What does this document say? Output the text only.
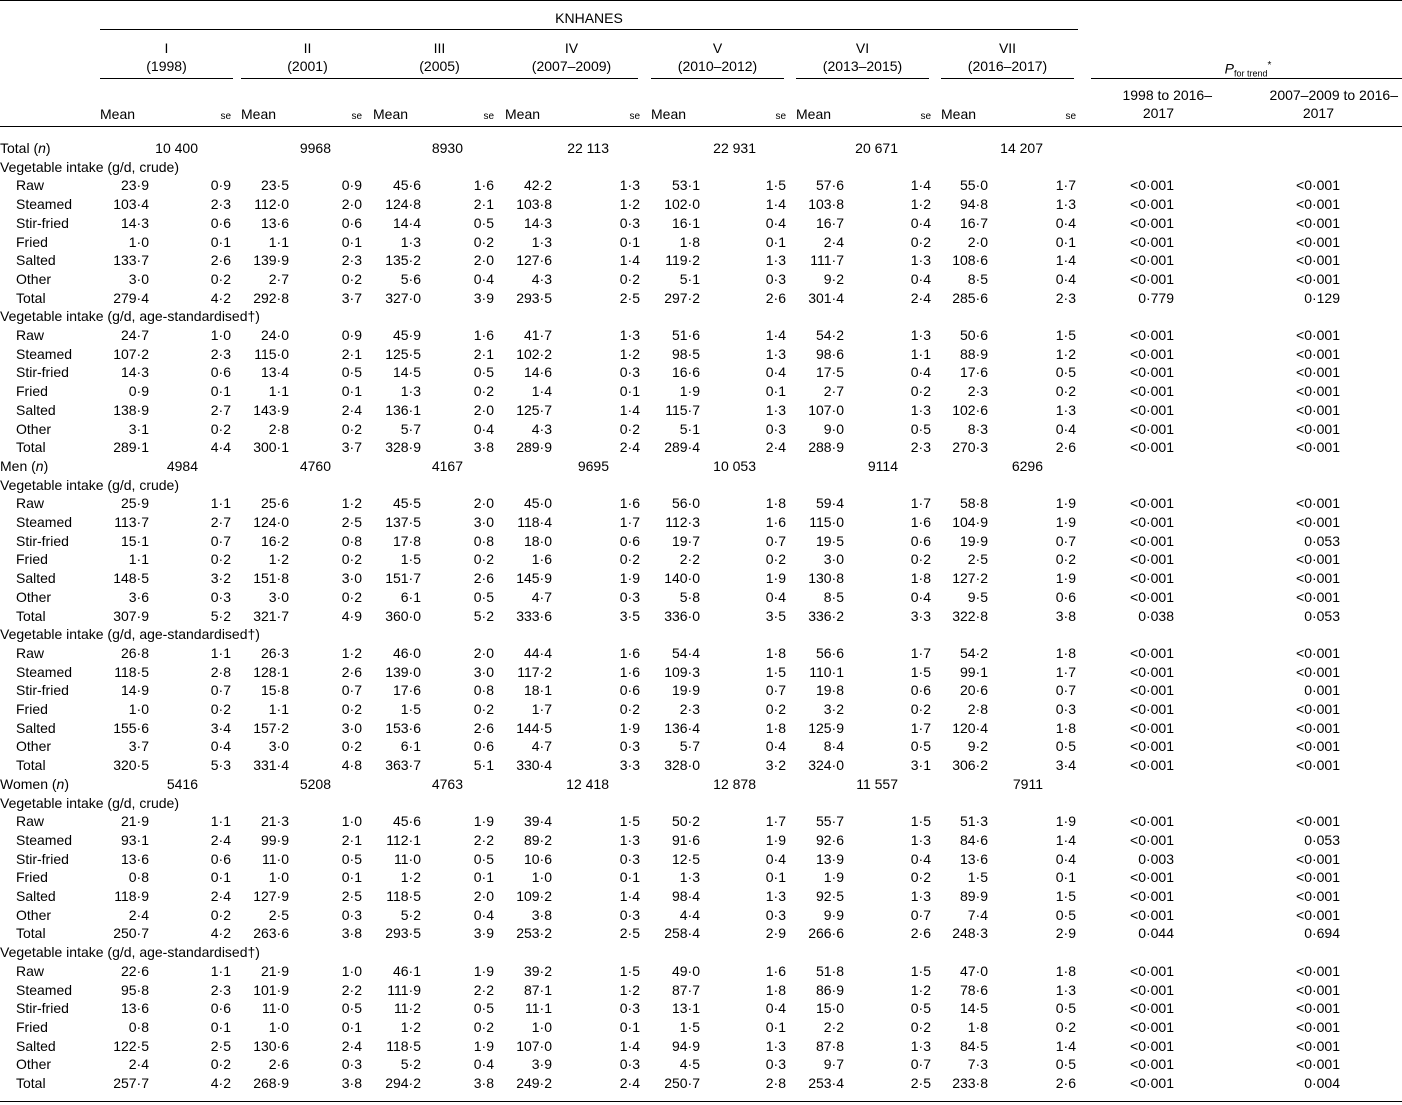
KNHANES
I
(1998)
Mean	se
II
(2001)
Mean	se
III
(2005)
Mean	se
IV
(2007–2009)
Mean	se
V
(2010–2012)
Mean	se
VI
(2013–2015)
Mean	se
VII
(2016–2017)
Mean	se
$P_{for trend}^*$
1998 to 2016–
2017
2007–2009 to 2016–
2017
Total (n)	10 400	9968	8930	22 113	22 931	20 671	14 207
Vegetable intake (g/d, crude)
Raw	23·9	0·9	23·5	0·9	45·6	1·6	42·2	1·3	53·1	1·5	57·6	1·4	55·0	1·7	<0·001	<0·001
Steamed	103·4	2·3	112·0	2·0	124·8	2·1	103·8	1·2	102·0	1·4	103·8	1·2	94·8	1·3	<0·001	<0·001
Stir-fried	14·3	0·6	13·6	0·6	14·4	0·5	14·3	0·3	16·1	0·4	16·7	0·4	16·7	0·4	<0·001	<0·001
Fried	1·0	0·1	1·1	0·1	1·3	0·2	1·3	0·1	1·8	0·1	2·4	0·2	2·0	0·1	<0·001	<0·001
Salted	133·7	2·6	139·9	2·3	135·2	2·0	127·6	1·4	119·2	1·3	111·7	1·3	108·6	1·4	<0·001	<0·001
Other	3·0	0·2	2·7	0·2	5·6	0·4	4·3	0·2	5·1	0·3	9·2	0·4	8·5	0·4	<0·001	<0·001
Total	279·4	4·2	292·8	3·7	327·0	3·9	293·5	2·5	297·2	2·6	301·4	2·4	285·6	2·3	0·779	0·129
Vegetable intake (g/d, age-standardised†)
Raw	24·7	1·0	24·0	0·9	45·9	1·6	41·7	1·3	51·6	1·4	54·2	1·3	50·6	1·5	<0·001	<0·001
Steamed	107·2	2·3	115·0	2·1	125·5	2·1	102·2	1·2	98·5	1·3	98·6	1·1	88·9	1·2	<0·001	<0·001
Stir-fried	14·3	0·6	13·4	0·5	14·5	0·5	14·6	0·3	16·6	0·4	17·5	0·4	17·6	0·5	<0·001	<0·001
Fried	0·9	0·1	1·1	0·1	1·3	0·2	1·4	0·1	1·9	0·1	2·7	0·2	2·3	0·2	<0·001	<0·001
Salted	138·9	2·7	143·9	2·4	136·1	2·0	125·7	1·4	115·7	1·3	107·0	1·3	102·6	1·3	<0·001	<0·001
Other	3·1	0·2	2·8	0·2	5·7	0·4	4·3	0·2	5·1	0·3	9·0	0·5	8·3	0·4	<0·001	<0·001
Total	289·1	4·4	300·1	3·7	328·9	3·8	289·9	2·4	289·4	2·4	288·9	2·3	270·3	2·6	<0·001	<0·001
Men (n)	4984	4760	4167	9695	10 053	9114	6296
Vegetable intake (g/d, crude)
Raw	25·9	1·1	25·6	1·2	45·5	2·0	45·0	1·6	56·0	1·8	59·4	1·7	58·8	1·9	<0·001	<0·001
Steamed	113·7	2·7	124·0	2·5	137·5	3·0	118·4	1·7	112·3	1·6	115·0	1·6	104·9	1·9	<0·001	<0·001
Stir-fried	15·1	0·7	16·2	0·8	17·8	0·8	18·0	0·6	19·7	0·7	19·5	0·6	19·9	0·7	<0·001	0·053
Fried	1·1	0·2	1·2	0·2	1·5	0·2	1·6	0·2	2·2	0·2	3·0	0·2	2·5	0·2	<0·001	<0·001
Salted	148·5	3·2	151·8	3·0	151·7	2·6	145·9	1·9	140·0	1·9	130·8	1·8	127·2	1·9	<0·001	<0·001
Other	3·6	0·3	3·0	0·2	6·1	0·5	4·7	0·3	5·8	0·4	8·5	0·4	9·5	0·6	<0·001	<0·001
Total	307·9	5·2	321·7	4·9	360·0	5·2	333·6	3·5	336·0	3·5	336·2	3·3	322·8	3·8	0·038	0·053
Vegetable intake (g/d, age-standardised†)
Raw	26·8	1·1	26·3	1·2	46·0	2·0	44·4	1·6	54·4	1·8	56·6	1·7	54·2	1·8	<0·001	<0·001
Steamed	118·5	2·8	128·1	2·6	139·0	3·0	117·2	1·6	109·3	1·5	110·1	1·5	99·1	1·7	<0·001	<0·001
Stir-fried	14·9	0·7	15·8	0·7	17·6	0·8	18·1	0·6	19·9	0·7	19·8	0·6	20·6	0·7	<0·001	0·001
Fried	1·0	0·2	1·1	0·2	1·5	0·2	1·7	0·2	2·3	0·2	3·2	0·2	2·8	0·3	<0·001	<0·001
Salted	155·6	3·4	157·2	3·0	153·6	2·6	144·5	1·9	136·4	1·8	125·9	1·7	120·4	1·8	<0·001	<0·001
Other	3·7	0·4	3·0	0·2	6·1	0·6	4·7	0·3	5·7	0·4	8·4	0·5	9·2	0·5	<0·001	<0·001
Total	320·5	5·3	331·4	4·8	363·7	5·1	330·4	3·3	328·0	3·2	324·0	3·1	306·2	3·4	<0·001	<0·001
Women (n)	5416	5208	4763	12 418	12 878	11 557	7911
Vegetable intake (g/d, crude)
Raw	21·9	1·1	21·3	1·0	45·6	1·9	39·4	1·5	50·2	1·7	55·7	1·5	51·3	1·9	<0·001	<0·001
Steamed	93·1	2·4	99·9	2·1	112·1	2·2	89·2	1·3	91·6	1·9	92·6	1·3	84·6	1·4	<0·001	0·053
Stir-fried	13·6	0·6	11·0	0·5	11·0	0·5	10·6	0·3	12·5	0·4	13·9	0·4	13·6	0·4	0·003	<0·001
Fried	0·8	0·1	1·0	0·1	1·2	0·1	1·0	0·1	1·3	0·1	1·9	0·2	1·5	0·1	<0·001	<0·001
Salted	118·9	2·4	127·9	2·5	118·5	2·0	109·2	1·4	98·4	1·3	92·5	1·3	89·9	1·5	<0·001	<0·001
Other	2·4	0·2	2·5	0·3	5·2	0·4	3·8	0·3	4·4	0·3	9·9	0·7	7·4	0·5	<0·001	<0·001
Total	250·7	4·2	263·6	3·8	293·5	3·9	253·2	2·5	258·4	2·9	266·6	2·6	248·3	2·9	0·044	0·694
Vegetable intake (g/d, age-standardised†)
Raw	22·6	1·1	21·9	1·0	46·1	1·9	39·2	1·5	49·0	1·6	51·8	1·5	47·0	1·8	<0·001	<0·001
Steamed	95·8	2·3	101·9	2·2	111·9	2·2	87·1	1·2	87·7	1·8	86·9	1·2	78·6	1·3	<0·001	<0·001
Stir-fried	13·6	0·6	11·0	0·5	11·2	0·5	11·1	0·3	13·1	0·4	15·0	0·5	14·5	0·5	<0·001	<0·001
Fried	0·8	0·1	1·0	0·1	1·2	0·2	1·0	0·1	1·5	0·1	2·2	0·2	1·8	0·2	<0·001	<0·001
Salted	122·5	2·5	130·6	2·4	118·5	1·9	107·0	1·4	94·9	1·3	87·8	1·3	84·5	1·4	<0·001	<0·001
Other	2·4	0·2	2·6	0·3	5·2	0·4	3·9	0·3	4·5	0·3	9·7	0·7	7·3	0·5	<0·001	<0·001
Total	257·7	4·2	268·9	3·8	294·2	3·8	249·2	2·4	250·7	2·8	253·4	2·5	233·8	2·6	<0·001	0·004
